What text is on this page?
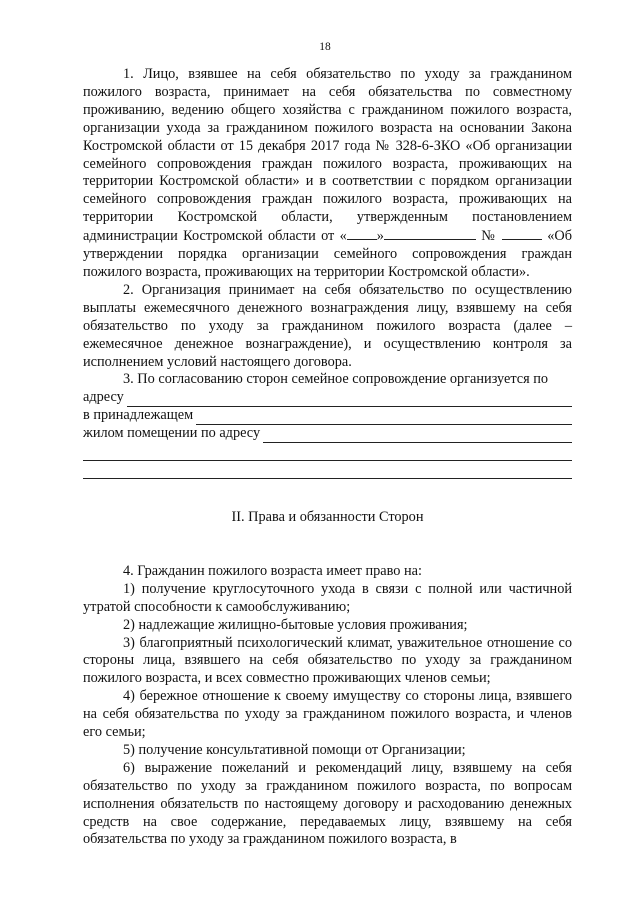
18

1. Лицо, взявшее на себя обязательство по уходу за гражданином пожилого возраста, принимает на себя обязательства по совместному проживанию, ведению общего хозяйства с гражданином пожилого возраста, организации ухода за гражданином пожилого возраста на основании Закона Костромской области от 15 декабря 2017 года № 328-6-ЗКО «Об организации семейного сопровождения граждан пожилого возраста, проживающих на территории Костромской области» и в соответствии с порядком организации семейного сопровождения граждан пожилого возраста, проживающих на территории Костромской области, утвержденным постановлением администрации Костромской области от « »	№	«Об утверждении порядка организации семейного сопровождения граждан пожилого возраста, проживающих на территории Костромской области».

2. Организация принимает на себя обязательство по осуществлению выплаты ежемесячного денежного вознаграждения лицу, взявшему на себя обязательство по уходу за гражданином пожилого возраста (далее – ежемесячное денежное вознаграждение), и осуществлению контроля за исполнением условий настоящего договора.

3. По согласованию сторон семейное сопровождение организуется по

адресу
в принадлежащем
жилом помещении по адресу

II. Права и обязанности Сторон

4. Гражданин пожилого возраста имеет право на:

1) получение круглосуточного ухода в связи с полной или частичной утратой способности к самообслуживанию;

2) надлежащие жилищно-бытовые условия проживания;

3) благоприятный психологический климат, уважительное отношение со стороны лица, взявшего на себя обязательство по уходу за гражданином пожилого возраста, и всех совместно проживающих членов семьи;

4) бережное отношение к своему имуществу со стороны лица, взявшего на себя обязательства по уходу за гражданином пожилого возраста, и членов его семьи;

5) получение консультативной помощи от Организации;

6) выражение пожеланий и рекомендаций лицу, взявшему на себя обязательство по уходу за гражданином пожилого возраста, по вопросам исполнения обязательств по настоящему договору и расходованию денежных средств на свое содержание, передаваемых лицу, взявшему на себя обязательства по уходу за гражданином пожилого возраста, в
